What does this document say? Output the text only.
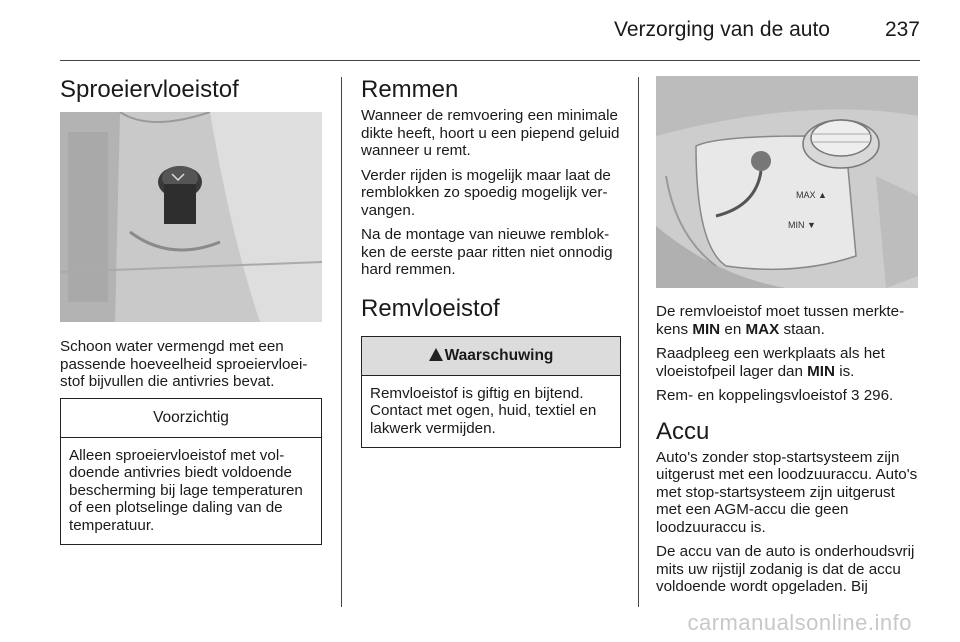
Verzorging van de auto	237
Sproeiervloeistof

Schoon water vermengd met een passende hoeveelheid sproeiervloeistof bijvullen die antivries bevat.

Voorzichtig
Alleen sproeiervloeistof met voldoende antivries biedt voldoende bescherming bij lage temperaturen of een plotselinge daling van de temperatuur.
Remmen

Wanneer de remvoering een minimale dikte heeft, hoort u een piepend geluid wanneer u remt.

Verder rijden is mogelijk maar laat de remblokken zo spoedig mogelijk vervangen.

Na de montage van nieuwe remblokken de eerste paar ritten niet onnodig hard remmen.

Remvloeistof
Waarschuwing
Remvloeistof is giftig en bijtend. Contact met ogen, huid, textiel en lakwerk vermijden.
MAX ▲
MIN ▼

De remvloeistof moet tussen merktekens MIN en MAX staan.

Raadpleeg een werkplaats als het vloeistofpeil lager dan MIN is.

Rem- en koppelingsvloeistof 3 296.

Accu

Auto's zonder stop-startsysteem zijn uitgerust met een loodzuuraccu. Auto's met stop-startsysteem zijn uitgerust met een AGM-accu die geen loodzuuraccu is.

De accu van de auto is onderhoudsvrij mits uw rijstijl zodanig is dat de accu voldoende wordt opgeladen. Bij

carmanualsonline.info
